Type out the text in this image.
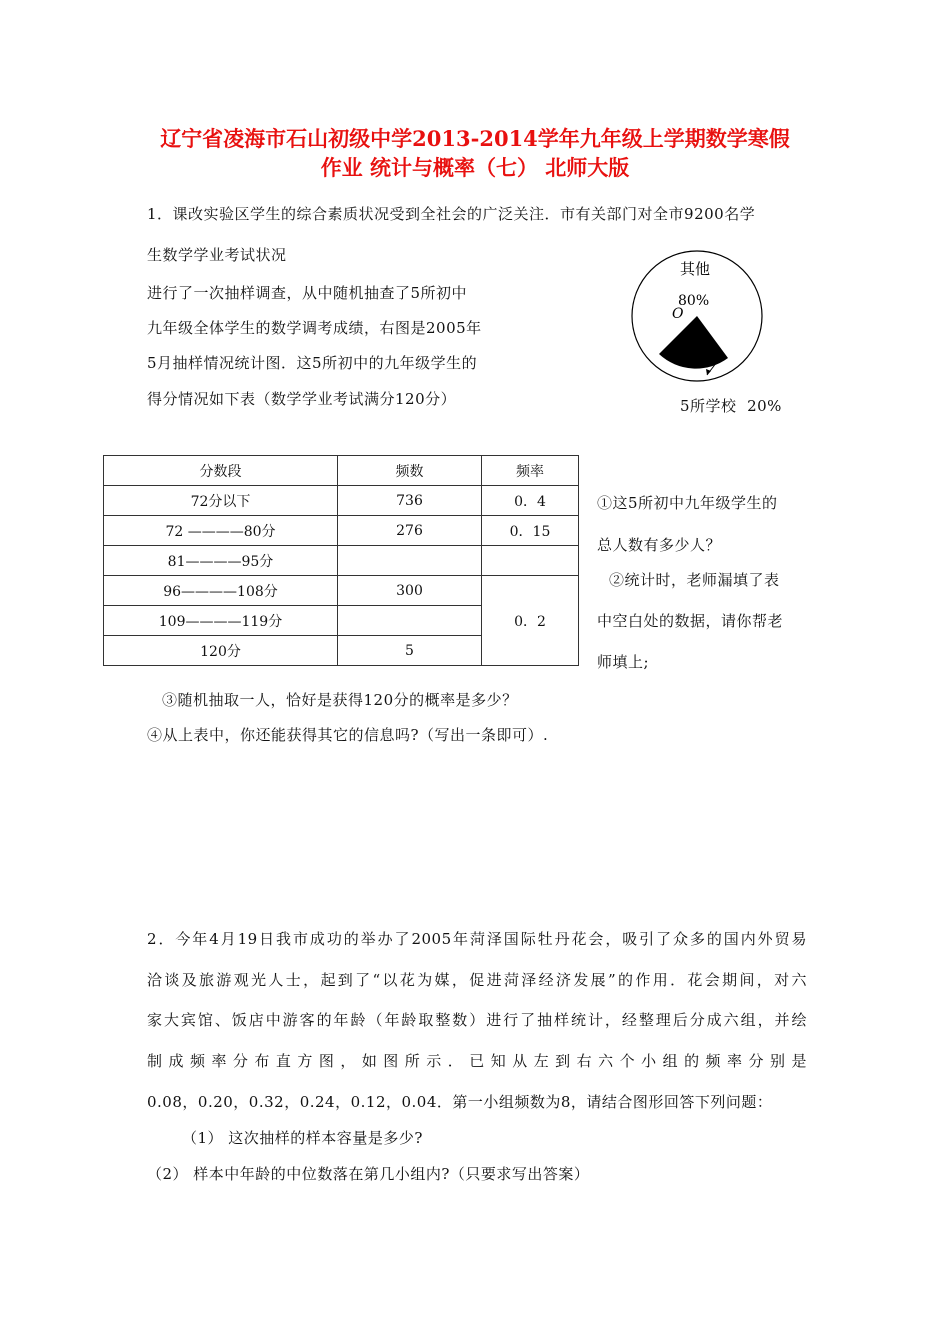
辽宁省凌海市石山初级中学2013-2014学年九年级上学期数学寒假
作业 统计与概率（七） 北师大版
1．课改实验区学生的综合素质状况受到全社会的广泛关注．市有关部门对全市9200名学
生数学学业考试状况
进行了一次抽样调查，从中随机抽查了5所初中
九年级全体学生的数学调考成绩，右图是2005年
5月抽样情况统计图．这5所初中的九年级学生的
得分情况如下表（数学学业考试满分120分）
其他
80%
O
5所学校 20%
分数段	频数	频率
72分以下	736	0．4
72 ————80分	276	0．15
81————95分		
96————108分	300	0．2
109————119分		
120分	5	
①这5所初中九年级学生的
总人数有多少人？
②统计时，老师漏填了表
中空白处的数据，请你帮老
师填上;
③随机抽取一人，恰好是获得120分的概率是多少？
④从上表中，你还能获得其它的信息吗?（写出一条即可）.
2．今年4月19日我市成功的举办了2005年菏泽国际牡丹花会，吸引了众多的国内外贸易
洽谈及旅游观光人士，起到了“以花为媒，促进菏泽经济发展”的作用．花会期间，对六
家大宾馆、饭店中游客的年龄（年龄取整数）进行了抽样统计，经整理后分成六组，并绘
制成频率分布直方图，如图所示．已知从左到右六个小组的频率分别是
0.08，0.20，0.32，0.24，0.12，0.04．第一小组频数为8，请结合图形回答下列问题：
（1） 这次抽样的样本容量是多少?
（2） 样本中年龄的中位数落在第几小组内?（只要求写出答案）
